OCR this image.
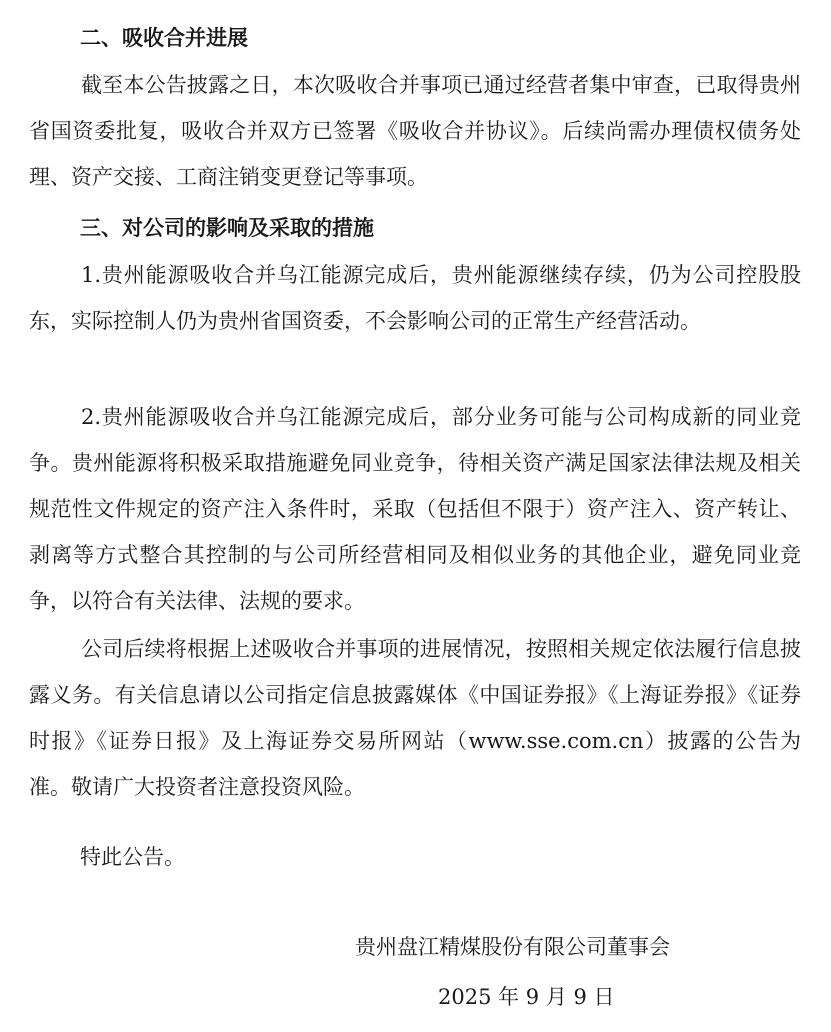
二、吸收合并进展

截至本公告披露之日，本次吸收合并事项已通过经营者集中审查，已取得贵州省国资委批复，吸收合并双方已签署《吸收合并协议》。后续尚需办理债权债务处理、资产交接、工商注销变更登记等事项。

三、对公司的影响及采取的措施

1.贵州能源吸收合并乌江能源完成后，贵州能源继续存续，仍为公司控股股东，实际控制人仍为贵州省国资委，不会影响公司的正常生产经营活动。

2.贵州能源吸收合并乌江能源完成后，部分业务可能与公司构成新的同业竞争。贵州能源将积极采取措施避免同业竞争，待相关资产满足国家法律法规及相关规范性文件规定的资产注入条件时，采取（包括但不限于）资产注入、资产转让、剥离等方式整合其控制的与公司所经营相同及相似业务的其他企业，避免同业竞争，以符合有关法律、法规的要求。

公司后续将根据上述吸收合并事项的进展情况，按照相关规定依法履行信息披露义务。有关信息请以公司指定信息披露媒体《中国证券报》《上海证券报》《证券时报》《证券日报》及上海证券交易所网站（www.sse.com.cn）披露的公告为准。敬请广大投资者注意投资风险。

特此公告。

贵州盘江精煤股份有限公司董事会

2025 年 9 月 9 日
